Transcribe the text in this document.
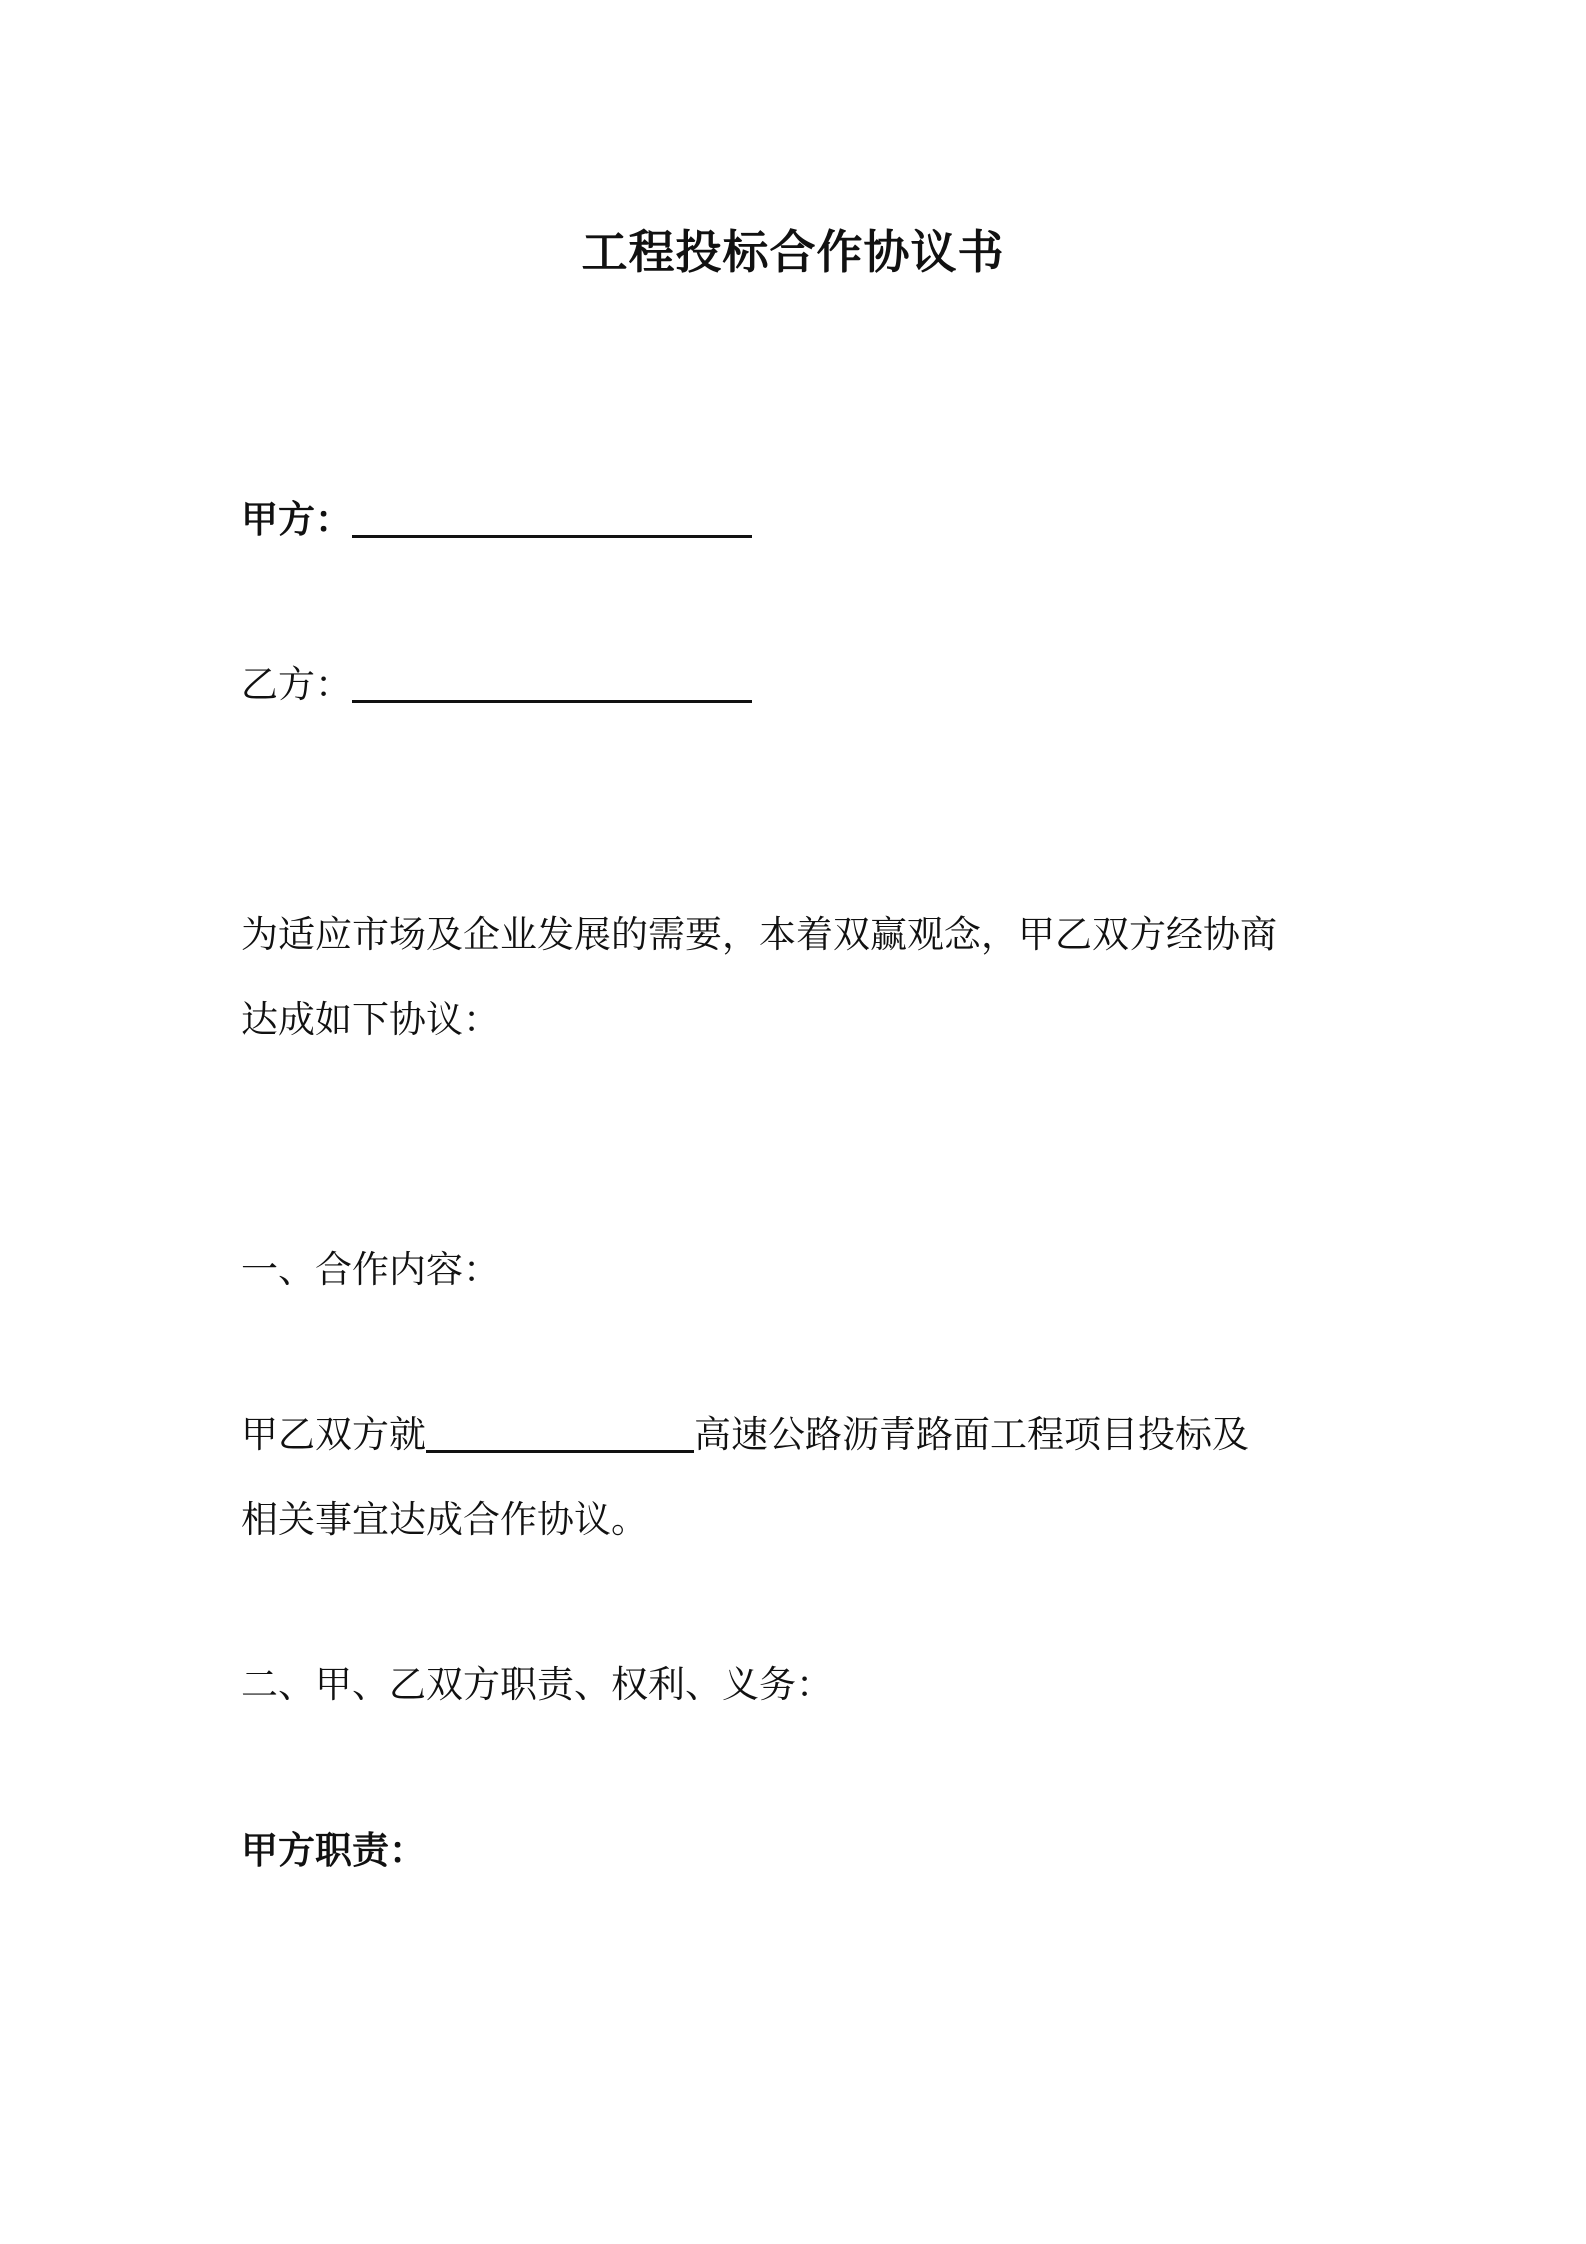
工程投标合作协议书
甲方：
乙方：
为适应市场及企业发展的需要，本着双赢观念，甲乙双方经协商
达成如下协议：
一、合作内容：
甲乙双方就	高速公路沥青路面工程项目投标及
相关事宜达成合作协议。
二、甲、乙双方职责、权利、义务：
甲方职责：
